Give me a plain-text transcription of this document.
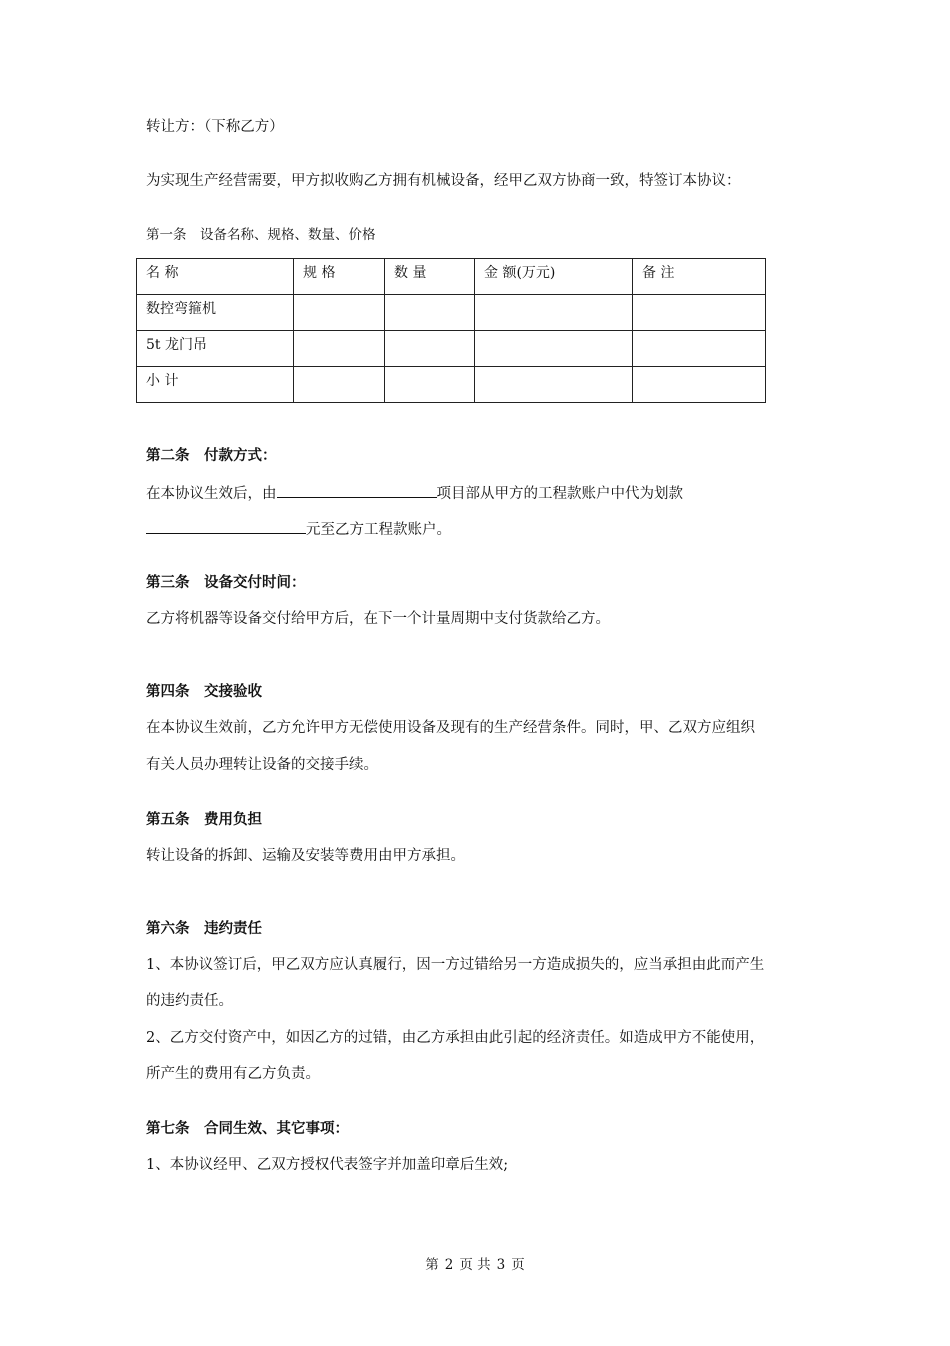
转让方：（下称乙方）
为实现生产经营需要，甲方拟收购乙方拥有机械设备，经甲乙双方协商一致，特签订本协议：
第一条　设备名称、规格、数量、价格
名 称	规 格	数 量	金 额(万元)	备 注
数控弯箍机				
5t 龙门吊				
小 计				
第二条　付款方式：
在本协议生效后，由	项目部从甲方的工程款账户中代为划款
元至乙方工程款账户。
第三条　设备交付时间：
乙方将机器等设备交付给甲方后，在下一个计量周期中支付货款给乙方。
第四条　交接验收
在本协议生效前，乙方允许甲方无偿使用设备及现有的生产经营条件。同时，甲、乙双方应组织
有关人员办理转让设备的交接手续。
第五条　费用负担
转让设备的拆卸、运输及安装等费用由甲方承担。
第六条　违约责任
1、本协议签订后，甲乙双方应认真履行，因一方过错给另一方造成损失的，应当承担由此而产生
的违约责任。
2、乙方交付资产中，如因乙方的过错，由乙方承担由此引起的经济责任。如造成甲方不能使用，
所产生的费用有乙方负责。
第七条　合同生效、其它事项：
1、本协议经甲、乙双方授权代表签字并加盖印章后生效;
第 2 页 共 3 页
